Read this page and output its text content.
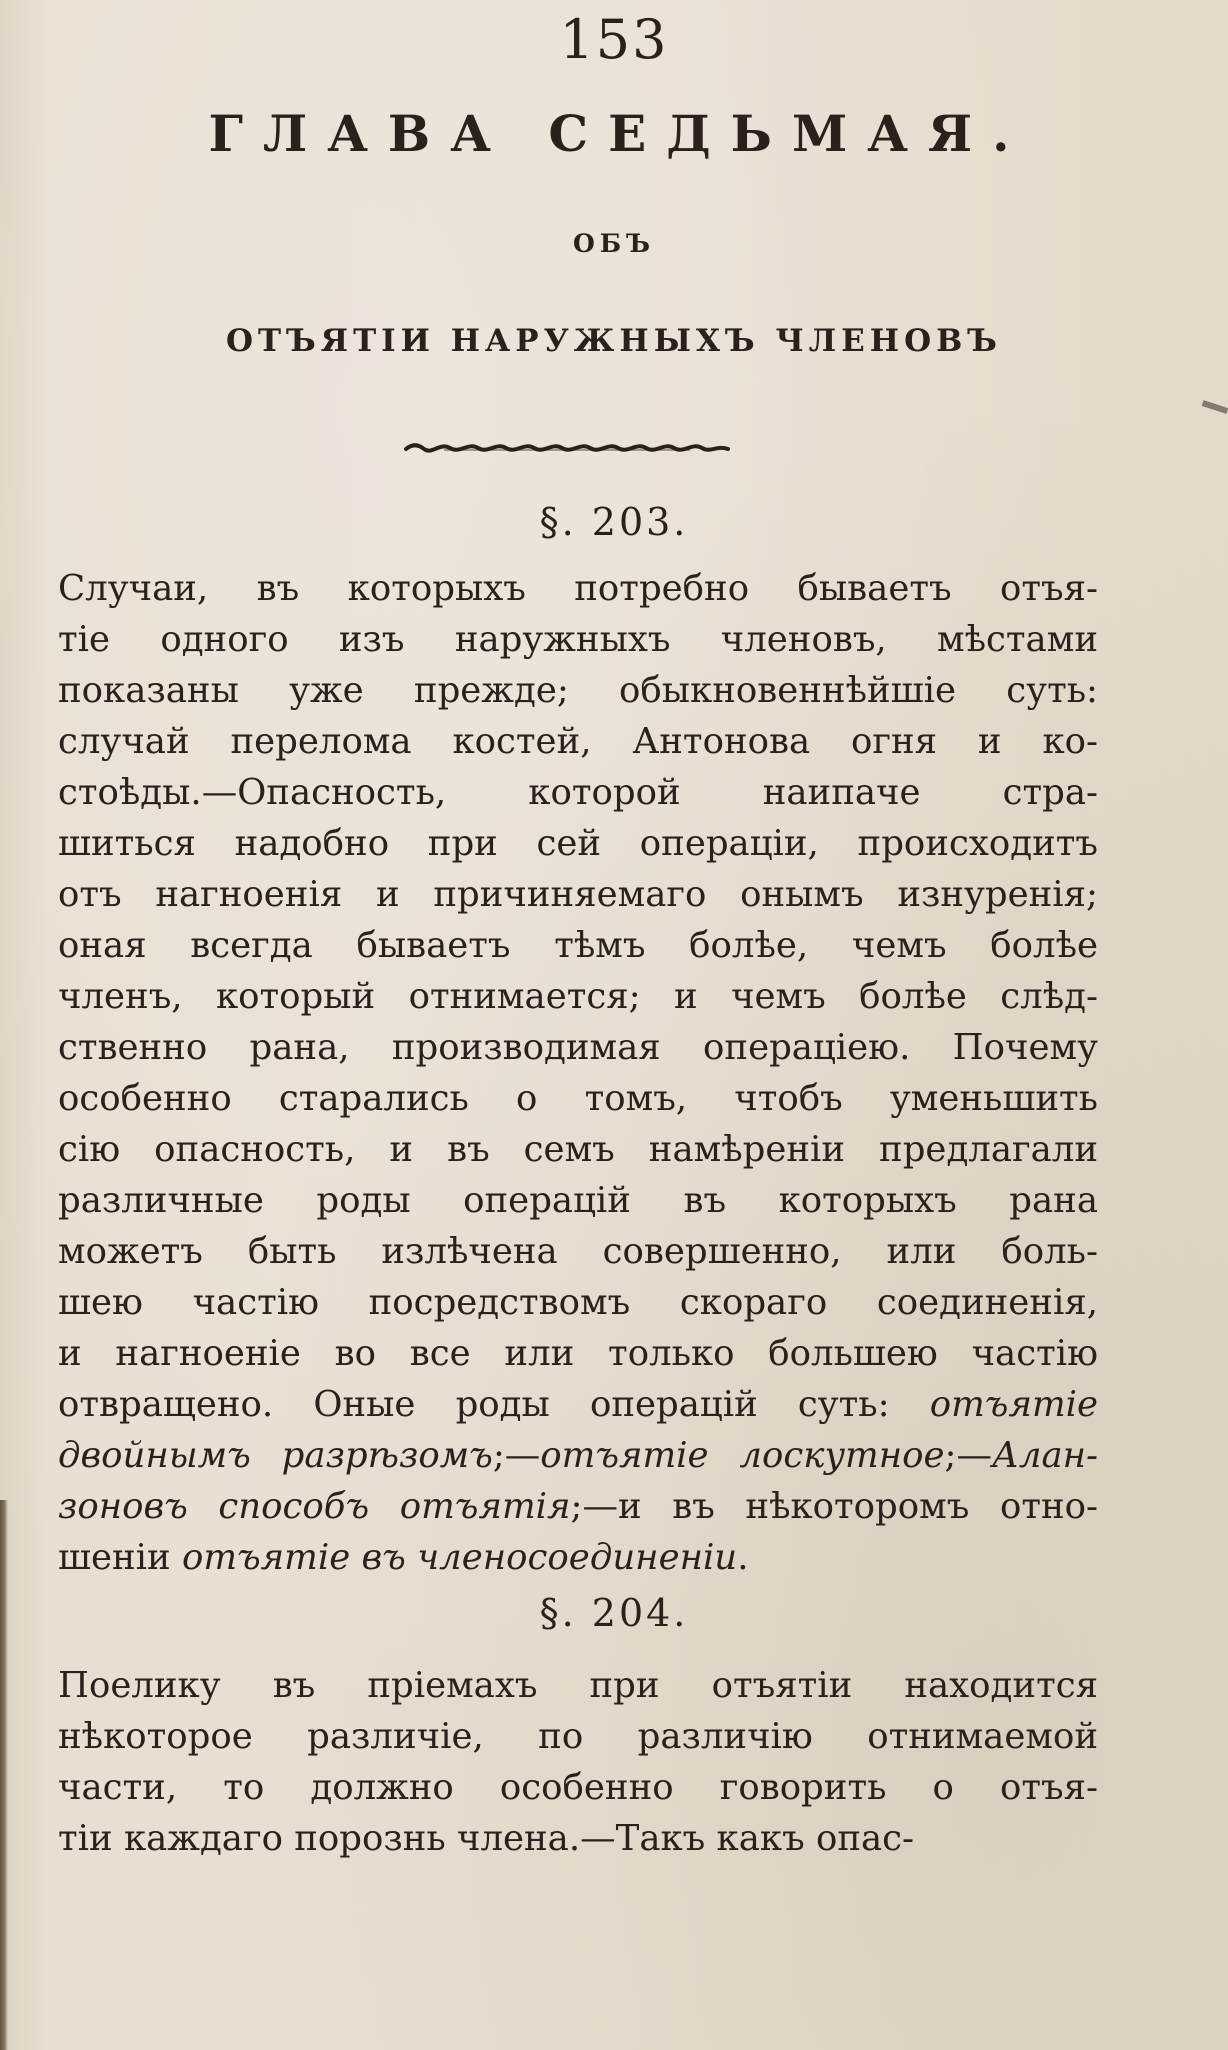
153
ГЛАВА СЕДЬМАЯ.
ОБЪ
ОТЪЯТІИ НАРУЖНЫХЪ ЧЛЕНОВЪ
§. 203.
Случаи, въ которыхъ потребно бываетъ отъя-
тіе одного изъ наружныхъ членовъ, мѣстами
показаны уже прежде; обыкновеннѣйшіе суть:
случай перелома костей, Антонова огня и ко-
стоѣды.—Опасность, которой наипаче стра-
шиться надобно при сей операціи, происходитъ
отъ нагноенія и причиняемаго онымъ изнуренія;
оная всегда бываетъ тѣмъ болѣе, чемъ болѣе
членъ, который отнимается; и чемъ болѣе слѣд-
ственно рана, производимая операціею. Почему
особенно старались о томъ, чтобъ уменьшить
сію опасность, и въ семъ намѣреніи предлагали
различные роды операцій въ которыхъ рана
можетъ быть излѣчена совершенно, или боль-
шею частію посредствомъ скораго соединенія,
и нагноеніе во все или только большею частію
отвращено. Оные роды операцій суть: отъятіе
двойнымъ разрѣзомъ;—отъятіе лоскутное;—Алан-
зоновъ способъ отъятія;—и въ нѣкоторомъ отно-
шеніи отъятіе въ членосоединеніи.
§. 204.
Поелику въ пріемахъ при отъятіи находится
нѣкоторое различіе, по различію отнимаемой
части, то должно особенно говорить о отъя-
тіи каждаго порознь члена.—Такъ какъ опас-
